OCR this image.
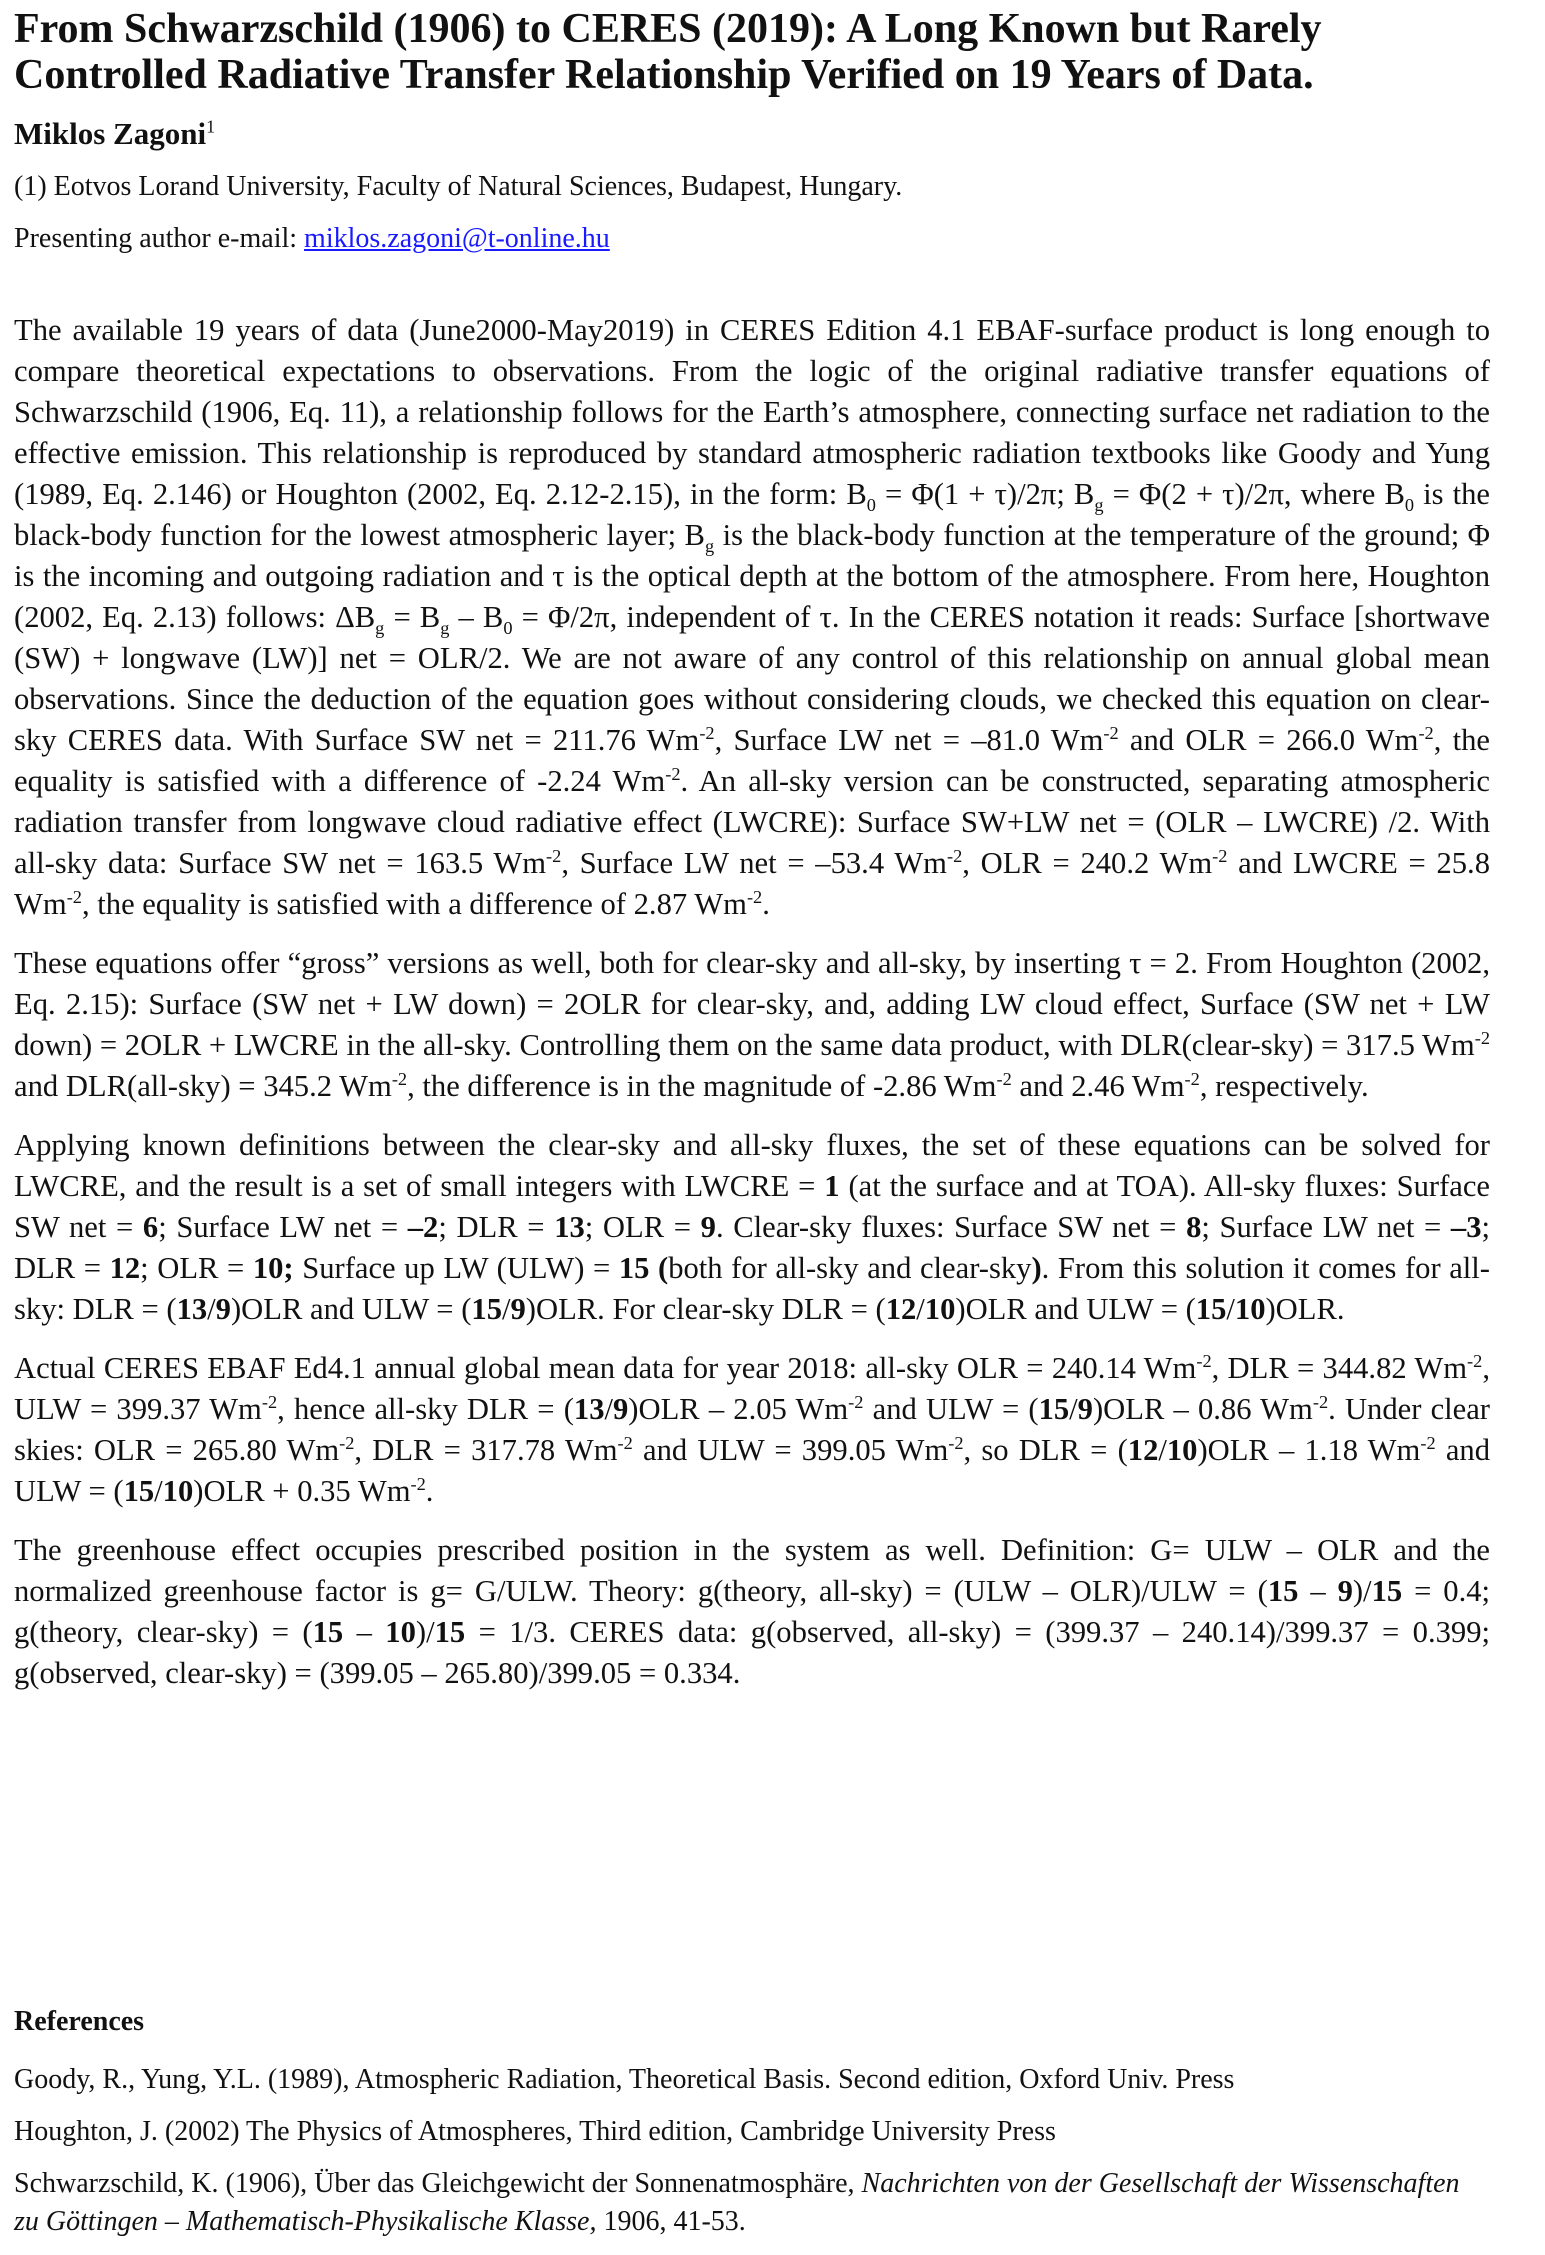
From Schwarzschild (1906) to CERES (2019): A Long Known but Rarely Controlled Radiative Transfer Relationship Verified on 19 Years of Data.
Miklos Zagoni$^1$
(1) Eotvos Lorand University, Faculty of Natural Sciences, Budapest, Hungary.
Presenting author e-mail: miklos.zagoni@t-online.hu

The available 19 years of data (June2000-May2019) in CERES Edition 4.1 EBAF-surface product is long enough to compare theoretical expectations to observations. From the logic of the original radiative transfer equations of Schwarzschild (1906, Eq. 11), a relationship follows for the Earth’s atmosphere, connecting surface net radiation to the effective emission. This relationship is reproduced by standard atmospheric radiation textbooks like Goody and Yung (1989, Eq. 2.146) or Houghton (2002, Eq. 2.12-2.15), in the form: $B_0 = \Phi(1 + \tau)/2\pi$; $B_g = \Phi(2 + \tau)/2\pi$, where $B_0$ is the black-body function for the lowest atmospheric layer; $B_g$ is the black-body function at the temperature of the ground; Φ is the incoming and outgoing radiation and τ is the optical depth at the bottom of the atmosphere. From here, Houghton (2002, Eq. 2.13) follows: $\Delta B_g = B_g - B_0 = \Phi/2\pi$, independent of τ. In the CERES notation it reads: Surface [shortwave (SW) + longwave (LW)] net = OLR/2. We are not aware of any control of this relationship on annual global mean observations. Since the deduction of the equation goes without considering clouds, we checked this equation on clear-sky CERES data. With Surface SW net = 211.76 $Wm^{-2}$, Surface LW net = –81.0 $Wm^{-2}$ and OLR = 266.0 $Wm^{-2}$, the equality is satisfied with a difference of -2.24 $Wm^{-2}$. An all-sky version can be constructed, separating atmospheric radiation transfer from longwave cloud radiative effect (LWCRE): Surface SW+LW net = (OLR – LWCRE) /2. With all-sky data: Surface SW net = 163.5 $Wm^{-2}$, Surface LW net = –53.4 $Wm^{-2}$, OLR = 240.2 $Wm^{-2}$ and LWCRE = 25.8 $Wm^{-2}$, the equality is satisfied with a difference of 2.87 $Wm^{-2}$.

These equations offer “gross” versions as well, both for clear-sky and all-sky, by inserting τ = 2. From Houghton (2002, Eq. 2.15): Surface (SW net + LW down) = 2OLR for clear-sky, and, adding LW cloud effect, Surface (SW net + LW down) = 2OLR + LWCRE in the all-sky. Controlling them on the same data product, with DLR(clear-sky) = 317.5 $Wm^{-2}$ and DLR(all-sky) = 345.2 $Wm^{-2}$, the difference is in the magnitude of -2.86 $Wm^{-2}$ and 2.46 $Wm^{-2}$, respectively.

Applying known definitions between the clear-sky and all-sky fluxes, the set of these equations can be solved for LWCRE, and the result is a set of small integers with LWCRE = 1 (at the surface and at TOA). All-sky fluxes: Surface SW net = 6; Surface LW net = –2; DLR = 13; OLR = 9. Clear-sky fluxes: Surface SW net = 8; Surface LW net = –3; DLR = 12; OLR = 10; Surface up LW (ULW) = 15 (both for all-sky and clear-sky). From this solution it comes for all-sky: DLR = (13/9)OLR and ULW = (15/9)OLR. For clear-sky DLR = (12/10)OLR and ULW = (15/10)OLR.

Actual CERES EBAF Ed4.1 annual global mean data for year 2018: all-sky OLR = 240.14 $Wm^{-2}$, DLR = 344.82 $Wm^{-2}$, ULW = 399.37 $Wm^{-2}$, hence all-sky DLR = (13/9)OLR – 2.05 $Wm^{-2}$ and ULW = (15/9)OLR – 0.86 $Wm^{-2}$. Under clear skies: OLR = 265.80 $Wm^{-2}$, DLR = 317.78 $Wm^{-2}$ and ULW = 399.05 $Wm^{-2}$, so DLR = (12/10)OLR – 1.18 $Wm^{-2}$ and ULW = (15/10)OLR + 0.35 $Wm^{-2}$.

The greenhouse effect occupies prescribed position in the system as well. Definition: G= ULW – OLR and the normalized greenhouse factor is g= G/ULW. Theory: g(theory, all-sky) = (ULW – OLR)/ULW = (15 – 9)/15 = 0.4; g(theory, clear-sky) = (15 – 10)/15 = 1/3. CERES data: g(observed, all-sky) = (399.37 – 240.14)/399.37 = 0.399; g(observed, clear-sky) = (399.05 – 265.80)/399.05 = 0.334.

References

Goody, R., Yung, Y.L. (1989), Atmospheric Radiation, Theoretical Basis. Second edition, Oxford Univ. Press

Houghton, J. (2002) The Physics of Atmospheres, Third edition, Cambridge University Press

Schwarzschild, K. (1906), Über das Gleichgewicht der Sonnenatmosphäre, Nachrichten von der Gesellschaft der Wissenschaften zu Göttingen – Mathematisch-Physikalische Klasse, 1906, 41-53.
